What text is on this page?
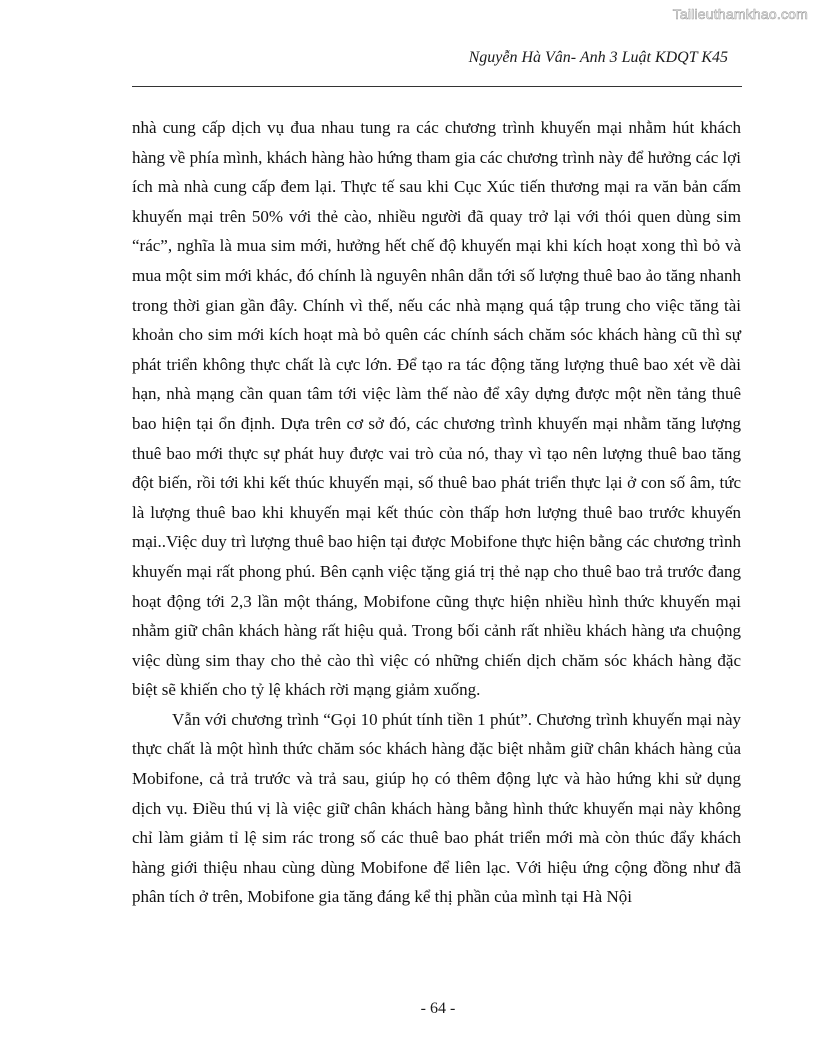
Tailieuthamkhao.com
Nguyễn Hà Vân- Anh 3 Luật KDQT K45

nhà cung cấp dịch vụ đua nhau tung ra các chương trình khuyến mại nhằm hút khách hàng về phía mình, khách hàng hào hứng tham gia các chương trình này để hưởng các lợi ích mà nhà cung cấp đem lại. Thực tế sau khi Cục Xúc tiến thương mại ra văn bản cấm khuyến mại trên 50% với thẻ cào, nhiều người đã quay trở lại với thói quen dùng sim “rác”, nghĩa là mua sim mới, hưởng hết chế độ khuyến mại khi kích hoạt xong thì bỏ và mua một sim mới khác, đó chính là nguyên nhân dẫn tới số lượng thuê bao ảo tăng nhanh trong thời gian gần đây. Chính vì thế, nếu các nhà mạng quá tập trung cho việc tăng tài khoản cho sim mới kích hoạt mà bỏ quên các chính sách chăm sóc khách hàng cũ thì sự phát triển không thực chất là cực lớn. Để tạo ra tác động tăng lượng thuê bao xét về dài hạn, nhà mạng cần quan tâm tới việc làm thế nào để xây dựng được một nền tảng thuê bao hiện tại ổn định. Dựa trên cơ sở đó, các chương trình khuyến mại nhằm tăng lượng thuê bao mới thực sự phát huy được vai trò của nó, thay vì tạo nên lượng thuê bao tăng đột biến, rồi tới khi kết thúc khuyến mại, số thuê bao phát triển thực lại ở con số âm, tức là lượng thuê bao khi khuyến mại kết thúc còn thấp hơn lượng thuê bao trước khuyến mại..Việc duy trì lượng thuê bao hiện tại được Mobifone thực hiện bằng các chương trình khuyến mại rất phong phú. Bên cạnh việc tặng giá trị thẻ nạp cho thuê bao trả trước đang hoạt động tới 2,3 lần một tháng, Mobifone cũng thực hiện nhiều hình thức khuyến mại nhằm giữ chân khách hàng rất hiệu quả. Trong bối cảnh rất nhiều khách hàng ưa chuộng việc dùng sim thay cho thẻ cào thì việc có những chiến dịch chăm sóc khách hàng đặc biệt sẽ khiến cho tỷ lệ khách rời mạng giảm xuống.

Vẫn với chương trình “Gọi 10 phút tính tiền 1 phút”. Chương trình khuyến mại này thực chất là một hình thức chăm sóc khách hàng đặc biệt nhằm giữ chân khách hàng của Mobifone, cả trả trước và trả sau, giúp họ có thêm động lực và hào hứng khi sử dụng dịch vụ. Điều thú vị là việc giữ chân khách hàng bằng hình thức khuyến mại này không chỉ làm giảm tỉ lệ sim rác trong số các thuê bao phát triển mới mà còn thúc đẩy khách hàng giới thiệu nhau cùng dùng Mobifone để liên lạc. Với hiệu ứng cộng đồng như đã phân tích ở trên, Mobifone gia tăng đáng kể thị phần của mình tại Hà Nội

- 64 -
